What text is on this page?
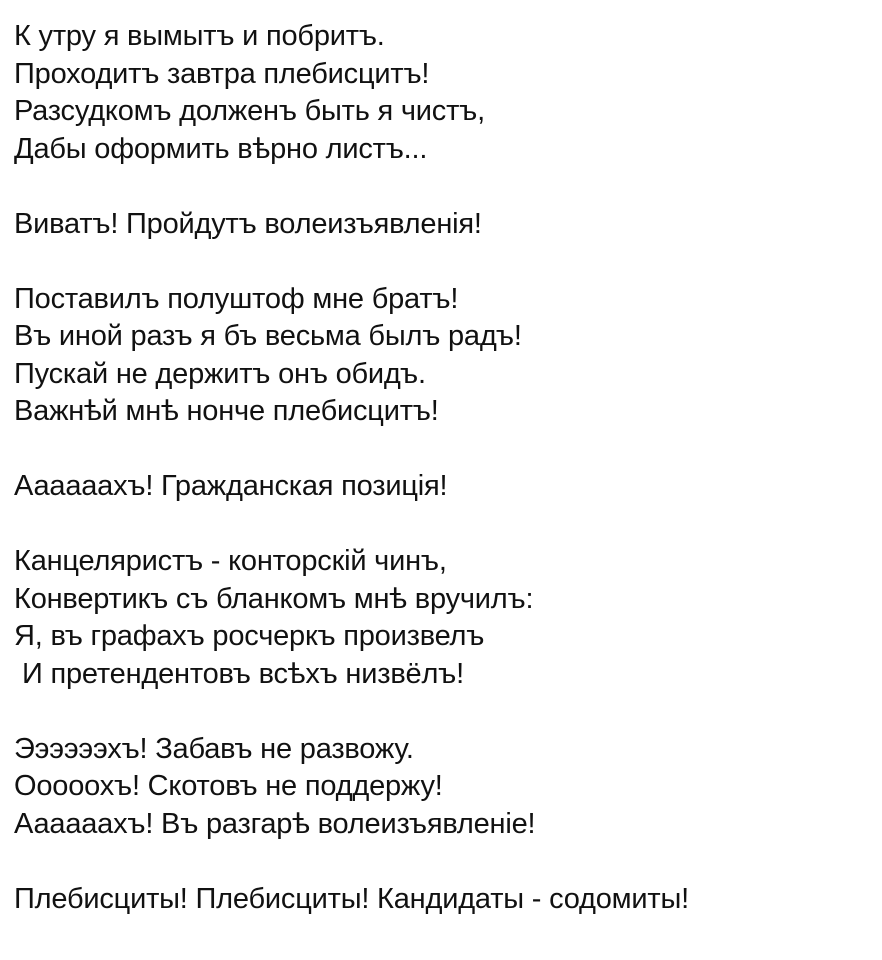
К утру я вымытъ и побритъ.
Проходитъ завтра плебисцитъ!
Разсудкомъ долженъ быть я чистъ,
Дабы оформить вѣрно листъ...
Виватъ! Пройдутъ волеизъявленiя!
Поставилъ полуштоф мне братъ!
Въ иной разъ я бъ весьма былъ радъ!
Пускай не держитъ онъ обидъ.
Важнѣй мнѣ нонче плебисцитъ!
Аааааахъ! Гражданская позицiя!
Канцеляристъ - конторскiй чинъ,
Конвертикъ съ бланкомъ мнѣ вручилъ:
Я, въ графахъ росчеркъ произвелъ
И претендентовъ всѣхъ низвёлъ!
Ээээээхъ! Забавъ не развожу.
Ооооохъ! Скотовъ не поддержу!
Аааааахъ! Въ разгарѣ волеизъявленiе!
Плебисциты! Плебисциты! Кандидаты - содомиты!
